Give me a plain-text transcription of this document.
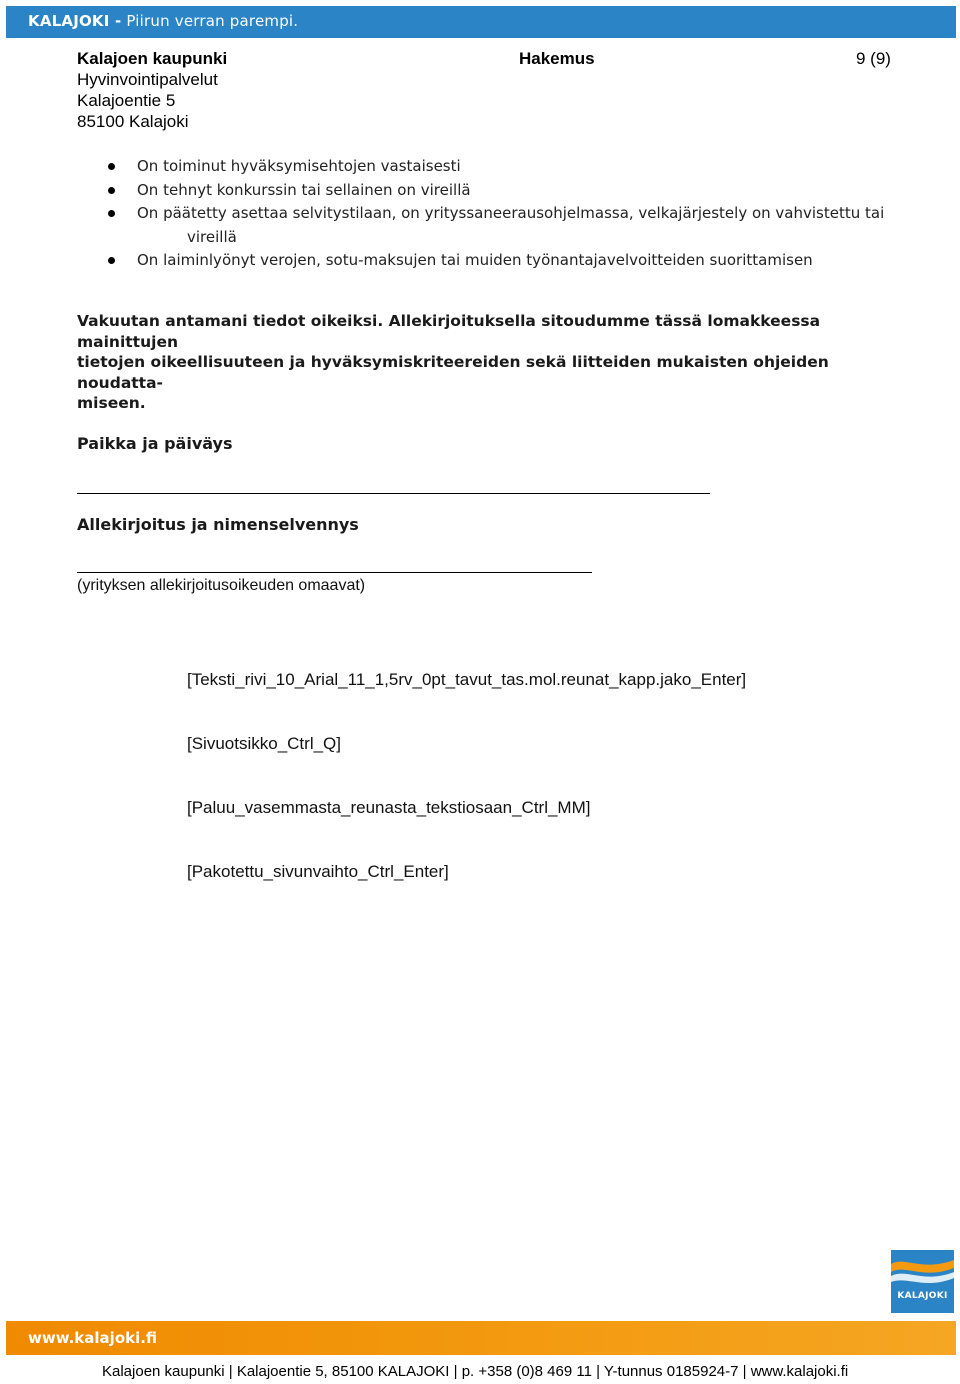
KALAJOKI - Piirun verran parempi.
Kalajoen kaupunki
Hyvinvointipalvelut
Kalajoentie 5
85100 Kalajoki
Hakemus	9 (9)
On toiminut hyväksymisehtojen vastaisesti
On tehnyt konkurssin tai sellainen on vireillä
On päätetty asettaa selvitystilaan, on yrityssaneerausohjelmassa, velkajärjestely on vahvistettu tai
vireillä
On laiminlyönyt verojen, sotu-maksujen tai muiden työnantajavelvoitteiden suorittamisen
Vakuutan antamani tiedot oikeiksi. Allekirjoituksella sitoudumme tässä lomakkeessa mainittujen
tietojen oikeellisuuteen ja hyväksymiskriteereiden sekä liitteiden mukaisten ohjeiden noudatta-
miseen.
Paikka ja päiväys
Allekirjoitus ja nimenselvennys
(yrityksen allekirjoitusoikeuden omaavat)
[Teksti_rivi_10_Arial_11_1,5rv_0pt_tavut_tas.mol.reunat_kapp.jako_Enter]
[Sivuotsikko_Ctrl_Q]
[Paluu_vasemmasta_reunasta_tekstiosaan_Ctrl_MM]
[Pakotettu_sivunvaihto_Ctrl_Enter]
KALAJOKI
www.kalajoki.fi
Kalajoen kaupunki | Kalajoentie 5, 85100 KALAJOKI | p. +358 (0)8 469 11 | Y-tunnus 0185924-7 | www.kalajoki.fi
